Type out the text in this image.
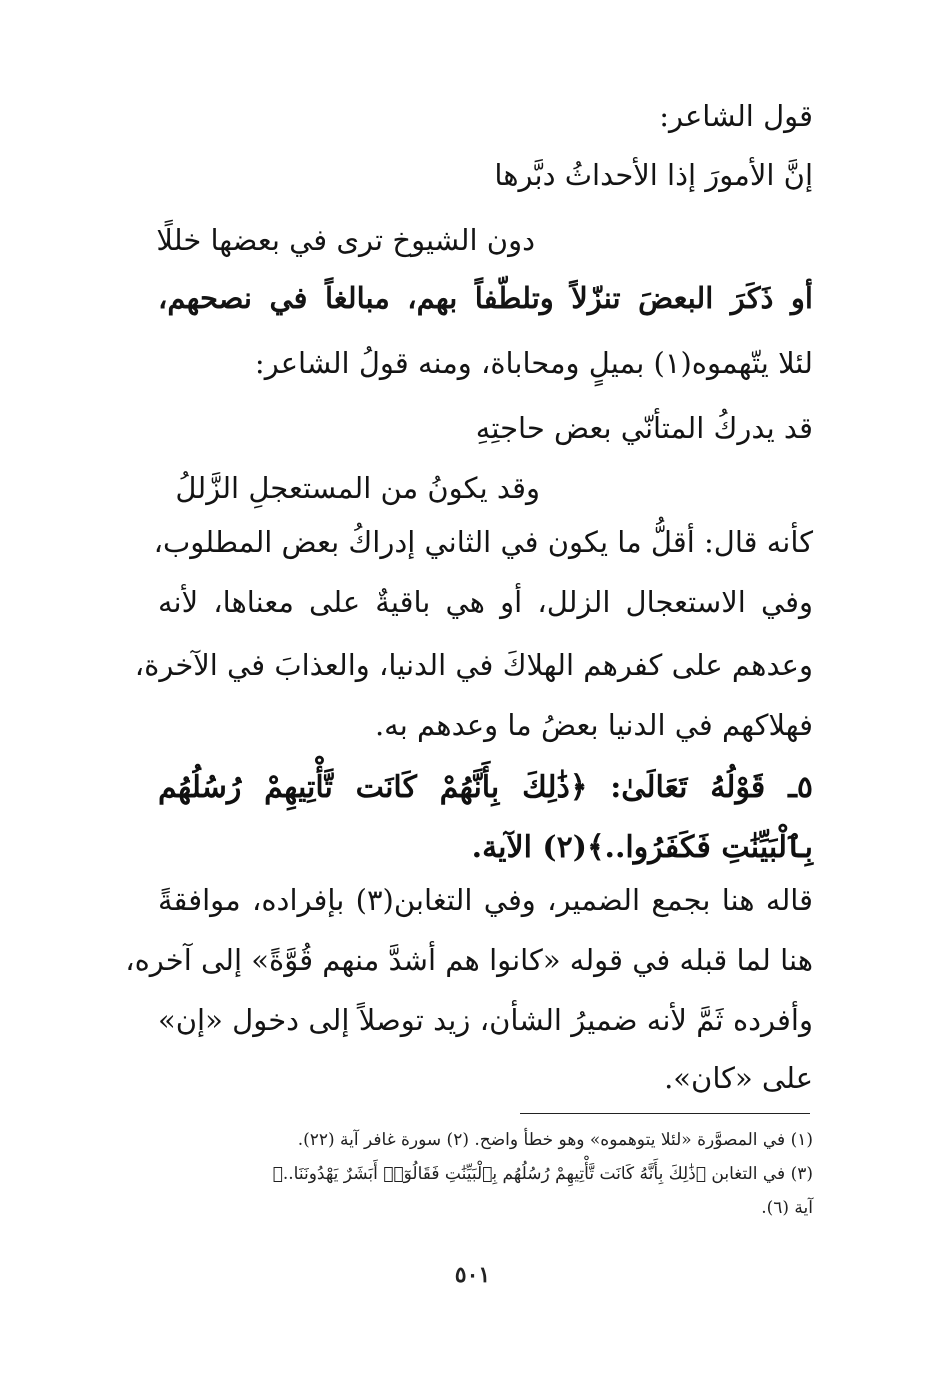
قول الشاعر:
إنَّ الأمورَ إذا الأحداثُ دبَّرها
دون الشيوخ ترى في بعضها خللًا
أو ذَكَرَ البعضَ تنزّلاً وتلطّفاً بهم، مبالغاً في نصحهم،
لئلا يتّهموه(١) بميلٍ ومحاباة، ومنه قولُ الشاعر:
قد يدركُ المتأنّي بعض حاجتِهِ
وقد يكونُ من المستعجلِ الزَّللُ
كأنه قال: أقلُّ ما يكون في الثاني إدراكُ بعض المطلوب،
وفي الاستعجال الزلل، أو هي باقيةٌ على معناها، لأنه
وعدهم على كفرهم الهلاكَ في الدنيا، والعذابَ في الآخرة،
فهلاكهم في الدنيا بعضُ ما وعدهم به.
٥ـ قَوْلُهُ تَعَالَىٰ: ﴿ذَٰلِكَ بِأَنَّهُمْ كَانَت تَّأْتِيهِمْ رُسُلُهُم
بِٱلْبَيِّنَٰتِ فَكَفَرُوا..﴾(٢) الآية.
قاله هنا بجمع الضمير، وفي التغابن(٣) بإفراده، موافقةً
هنا لما قبله في قوله «كانوا هم أشدَّ منهم قُوَّةً» إلى آخره،
وأفرده ثَمَّ لأنه ضميرُ الشأن، زيد توصلاً إلى دخول «إن»
على «كان».
(١) في المصوَّرة «لئلا يتوهموه» وهو خطأ واضح. (٢) سورة غافر آية (٢٢).
(٣) في التغابن ﴿ذَٰلِكَ بِأَنَّهُ كَانَت تَّأْتِيهِمْ رُسُلُهُم بِٱلْبَيِّنَٰتِ فَقَالُوٓا۟ أَبَشَرٌ يَهْدُونَنَا..﴾
آية (٦).
٥٠١
